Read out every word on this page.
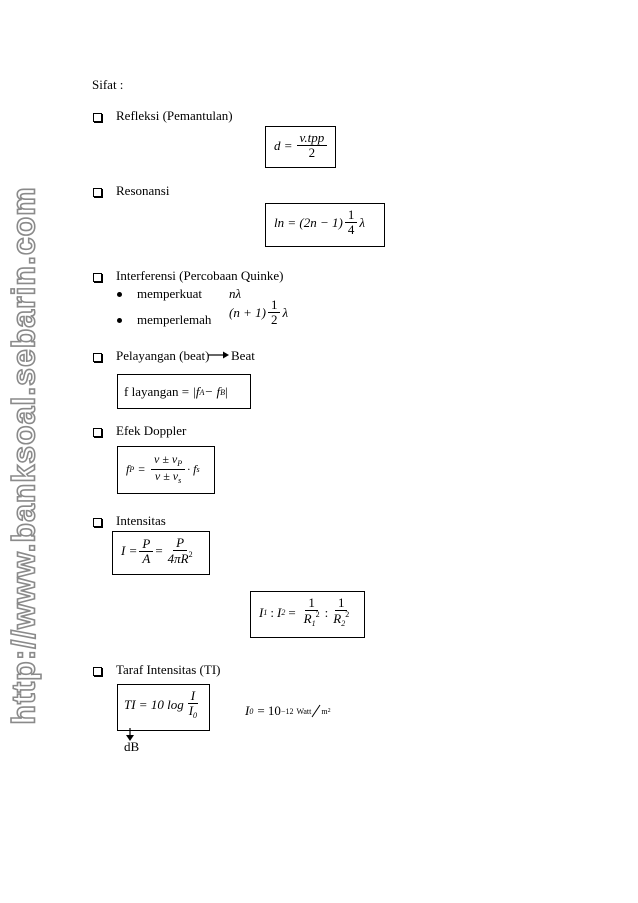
http://www.banksoal.sebarin.com
Sifat :
Refleksi (Pemantulan)
$d = \frac{\text{v.tpp}}{2}$
Resonansi
$\ln = (2n - 1) \frac{1}{4}$ λ
Interferensi (Percobaan Quinke)
memperkuat nλ
memperlemah $(n + 1) \frac{1}{2}$ λ
Pelayangan (beat) Beat
f layangan =
|f A − f B |
Efek Doppler
f $P = \frac{v \pm v_P}{v \pm v_s} \cdot f$ s
Intensitas
$I = \frac{P}{A} = \frac{P}{4\pi R^2}$
I 1 : I $2 = \frac{1}{R_1^2}$ : $\frac{1}{R_2^2}$
Taraf Intensitas (TI)
TI = 10 $\log \frac{I}{I_0}$
dB
I 0 = 10 −12 Watt m 2
